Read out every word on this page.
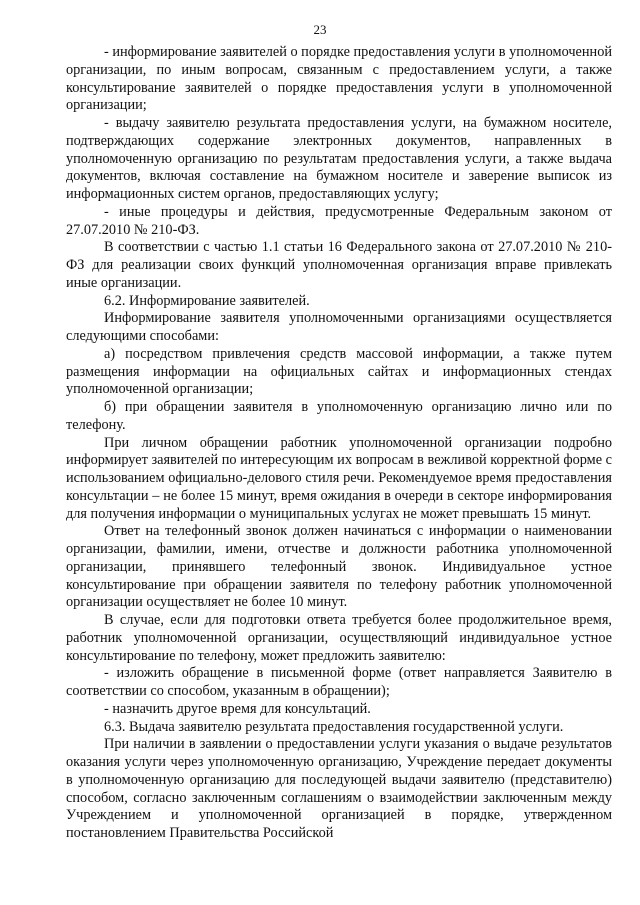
23

- информирование заявителей о порядке предоставления услуги в уполномоченной организации, по иным вопросам, связанным с предоставлением услуги, а также консультирование заявителей о порядке предоставления услуги в уполномоченной организации;

- выдачу заявителю результата предоставления услуги, на бумажном носителе, подтверждающих содержание электронных документов, направленных в уполномоченную организацию по результатам предоставления услуги, а также выдача документов, включая составление на бумажном носителе и заверение выписок из информационных систем органов, предоставляющих услугу;

- иные процедуры и действия, предусмотренные Федеральным законом от 27.07.2010 № 210-ФЗ.

В соответствии с частью 1.1 статьи 16 Федерального закона от 27.07.2010 № 210-ФЗ для реализации своих функций уполномоченная организация вправе привлекать иные организации.

6.2. Информирование заявителей.

Информирование заявителя уполномоченными организациями осуществляется следующими способами:

а) посредством привлечения средств массовой информации, а также путем размещения информации на официальных сайтах и информационных стендах уполномоченной организации;

б) при обращении заявителя в уполномоченную организацию лично или по телефону.

При личном обращении работник уполномоченной организации подробно информирует заявителей по интересующим их вопросам в вежливой корректной форме с использованием официально-делового стиля речи. Рекомендуемое время предоставления консультации – не более 15 минут, время ожидания в очереди в секторе информирования для получения информации о муниципальных услугах не может превышать 15 минут.

Ответ на телефонный звонок должен начинаться с информации о наименовании организации, фамилии, имени, отчестве и должности работника уполномоченной организации, принявшего телефонный звонок. Индивидуальное устное консультирование при обращении заявителя по телефону работник уполномоченной организации осуществляет не более 10 минут.

В случае, если для подготовки ответа требуется более продолжительное время, работник уполномоченной организации, осуществляющий индивидуальное устное консультирование по телефону, может предложить заявителю:

- изложить обращение в письменной форме (ответ направляется Заявителю в соответствии со способом, указанным в обращении);

- назначить другое время для консультаций.

6.3. Выдача заявителю результата предоставления государственной услуги.

При наличии в заявлении о предоставлении услуги указания о выдаче результатов оказания услуги через уполномоченную организацию, Учреждение передает документы в уполномоченную организацию для последующей выдачи заявителю (представителю) способом, согласно заключенным соглашениям о взаимодействии заключенным между Учреждением и уполномоченной организацией в порядке, утвержденном постановлением Правительства Российской
